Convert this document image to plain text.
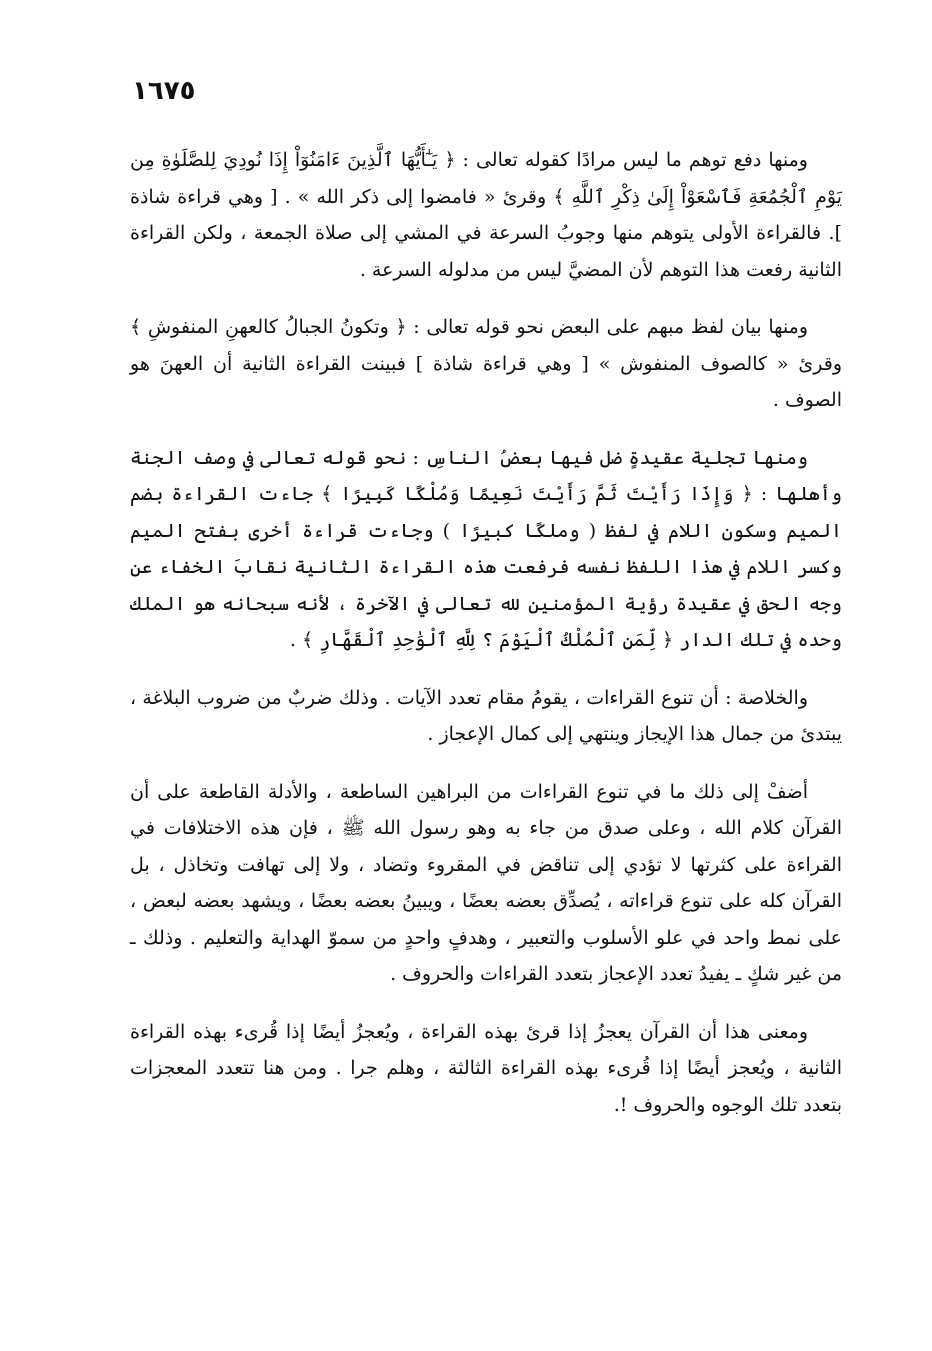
١٦٧٥

ومنها دفع توهم ما ليس مرادًا كقوله تعالى : ﴿ يَـٰٓأَيُّهَا ٱلَّذِينَ ءَامَنُوٓاْ إِذَا نُودِيَ لِلصَّلَوٰةِ مِن يَوْمِ ٱلْجُمُعَةِ فَٱسْعَوْاْ إِلَىٰ ذِكْرِ ٱللَّهِ ﴾ وقرئ « فامضوا إلى ذكر الله » . [ وهي قراءة شاذة ]. فالقراءة الأولى يتوهم منها وجوبُ السرعة في المشي إلى صلاة الجمعة ، ولكن القراءة الثانية رفعت هذا التوهم لأن المضيَّ ليس من مدلوله السرعة .

ومنها بيان لفظ مبهم على البعض نحو قوله تعالى : ﴿ وتكونُ الجبالُ كالعهنِ المنفوشِ ﴾ وقرئ « كالصوف المنفوش » [ وهي قراءة شاذة ] فبينت القراءة الثانية أن العهنَ هو الصوف .

ومنها تجلية عقيدةٍ ضل فيها بعضُ الناسِ : نحو قوله تعالى في وصف الجنة وأهلها : ﴿ وَإِذَا رَأَيْتَ ثَمَّ رَأَيْتَ نَعِيمًا وَمُلْكًا كَبِيرًا ﴾ جاءت القراءة بضم الميم وسكون اللام في لفظ ( وملكًا كبيرًا ) وجاءت قراءة أخرى بفتح الميم وكسر اللام في هذا اللفظ نفسه فرفعت هذه القراءة الثانية نقابَ الخفاء عن وجه الحق في عقيدة رؤية المؤمنين لله تعالى في الآخرة ، لأنه سبحانه هو الملك وحده في تلك الدار ﴿ لِّمَنِ ٱلْمُلْكُ ٱلْيَوْمَ ؟ لِلَّهِ ٱلْوَٰحِدِ ٱلْقَهَّارِ ﴾ .

والخلاصة : أن تنوع القراءات ، يقومُ مقام تعدد الآيات . وذلك ضربٌ من ضروب البلاغة ، يبتدئ من جمال هذا الإيجاز وينتهي إلى كمال الإعجاز .

أضفْ إلى ذلك ما في تنوع القراءات من البراهين الساطعة ، والأدلة القاطعة على أن القرآن كلام الله ، وعلى صدق من جاء به وهو رسول الله ﷺ ، فإن هذه الاختلافات في القراءة على كثرتها لا تؤدي إلى تناقض في المقروء وتضاد ، ولا إلى تهافت وتخاذل ، بل القرآن كله على تنوع قراءاته ، يُصدِّق بعضه بعضًا ، ويبينُ بعضه بعضًا ، ويشهد بعضه لبعض ، على نمط واحد في علو الأسلوب والتعبير ، وهدفٍ واحدٍ من سموّ الهداية والتعليم . وذلك ـ من غير شكٍ ـ يفيدُ تعدد الإعجاز بتعدد القراءات والحروف .

ومعنى هذا أن القرآن يعجزُ إذا قرئ بهذه القراءة ، ويُعجزُ أيضًا إذا قُرىء بهذه القراءة الثانية ، ويُعجز أيضًا إذا قُرىء بهذه القراءة الثالثة ، وهلم جرا . ومن هنا تتعدد المعجزات بتعدد تلك الوجوه والحروف !.
